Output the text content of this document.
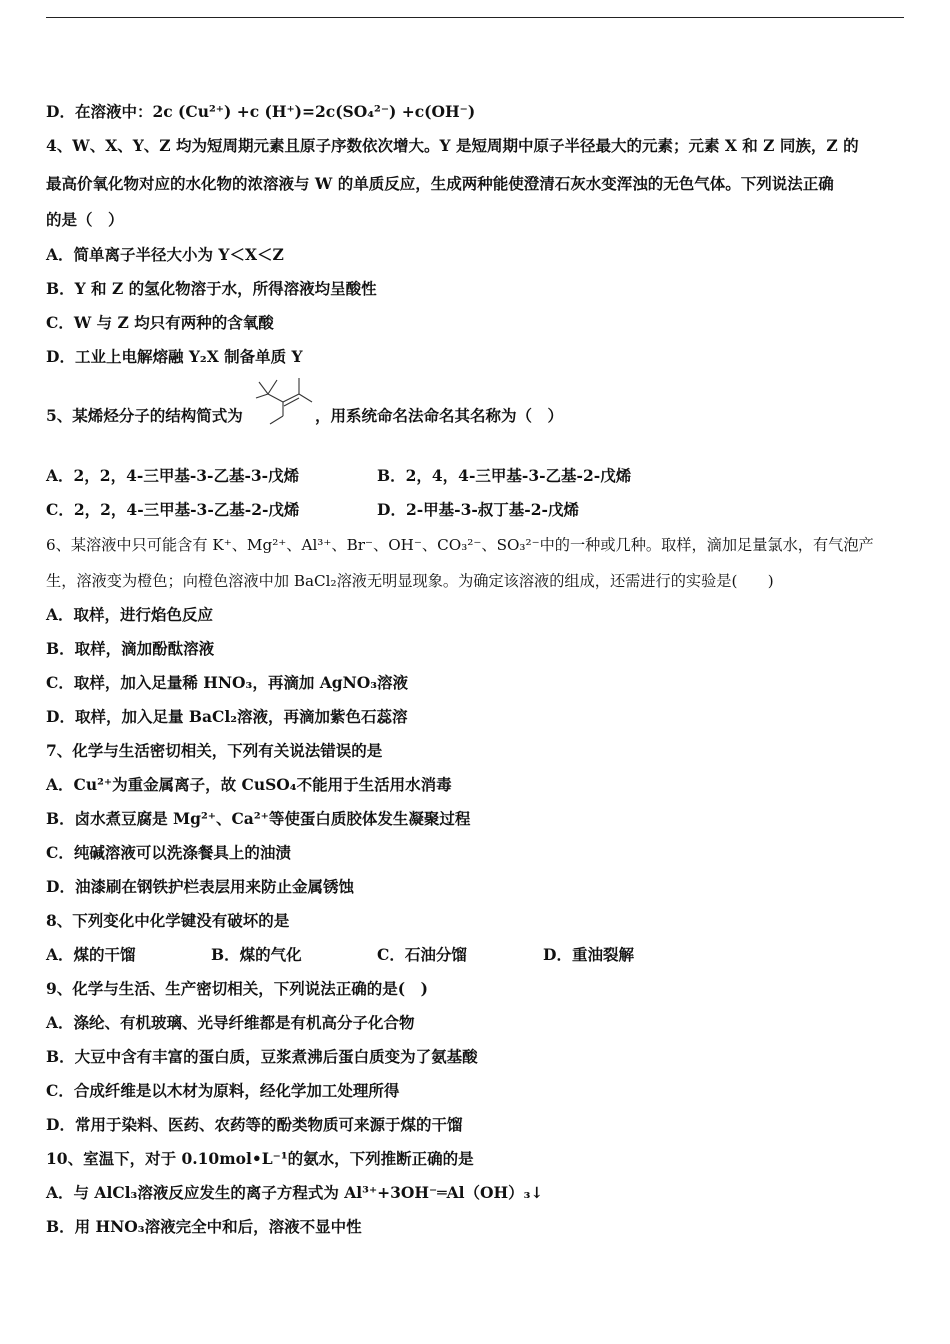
D．在溶液中：2c (Cu²⁺) +c (H⁺)=2c(SO₄²⁻) +c(OH⁻)
4、W、X、Y、Z 均为短周期元素且原子序数依次增大。Y 是短周期中原子半径最大的元素；元素 X 和 Z 同族，Z 的
最高价氧化物对应的水化物的浓溶液与 W 的单质反应，生成两种能使澄清石灰水变浑浊的无色气体。下列说法正确
的是（　）
A．简单离子半径大小为 Y＜X＜Z
B．Y 和 Z 的氢化物溶于水，所得溶液均呈酸性
C．W 与 Z 均只有两种的含氧酸
D．工业上电解熔融 Y₂X 制备单质 Y
5、某烯烃分子的结构简式为	，用系统命名法命名其名称为（　）
A．2，2，4-三甲基-3-乙基-3-戊烯	B．2，4，4-三甲基-3-乙基-2-戊烯
C．2，2，4-三甲基-3-乙基-2-戊烯	D．2-甲基-3-叔丁基-2-戊烯
6、某溶液中只可能含有 K⁺、Mg²⁺、Al³⁺、Br⁻、OH⁻、CO₃²⁻、SO₃²⁻中的一种或几种。取样，滴加足量氯水，有气泡产
生，溶液变为橙色；向橙色溶液中加 BaCl₂溶液无明显现象。为确定该溶液的组成，还需进行的实验是(　　)
A．取样，进行焰色反应
B．取样，滴加酚酞溶液
C．取样，加入足量稀 HNO₃，再滴加 AgNO₃溶液
D．取样，加入足量 BaCl₂溶液，再滴加紫色石蕊溶
7、化学与生活密切相关，下列有关说法错误的是
A．Cu²⁺为重金属离子，故 CuSO₄不能用于生活用水消毒
B．卤水煮豆腐是 Mg²⁺、Ca²⁺等使蛋白质胶体发生凝聚过程
C．纯碱溶液可以洗涤餐具上的油渍
D．油漆刷在钢铁护栏表层用来防止金属锈蚀
8、下列变化中化学键没有破坏的是
A．煤的干馏	B．煤的气化	C．石油分馏	D．重油裂解
9、化学与生活、生产密切相关，下列说法正确的是(　)
A．涤纶、有机玻璃、光导纤维都是有机高分子化合物
B．大豆中含有丰富的蛋白质，豆浆煮沸后蛋白质变为了氨基酸
C．合成纤维是以木材为原料，经化学加工处理所得
D．常用于染料、医药、农药等的酚类物质可来源于煤的干馏
10、室温下，对于 0.10mol•L⁻¹的氨水，下列推断正确的是
A．与 AlCl₃溶液反应发生的离子方程式为 Al³⁺+3OH⁻═Al（OH）₃↓
B．用 HNO₃溶液完全中和后，溶液不显中性
